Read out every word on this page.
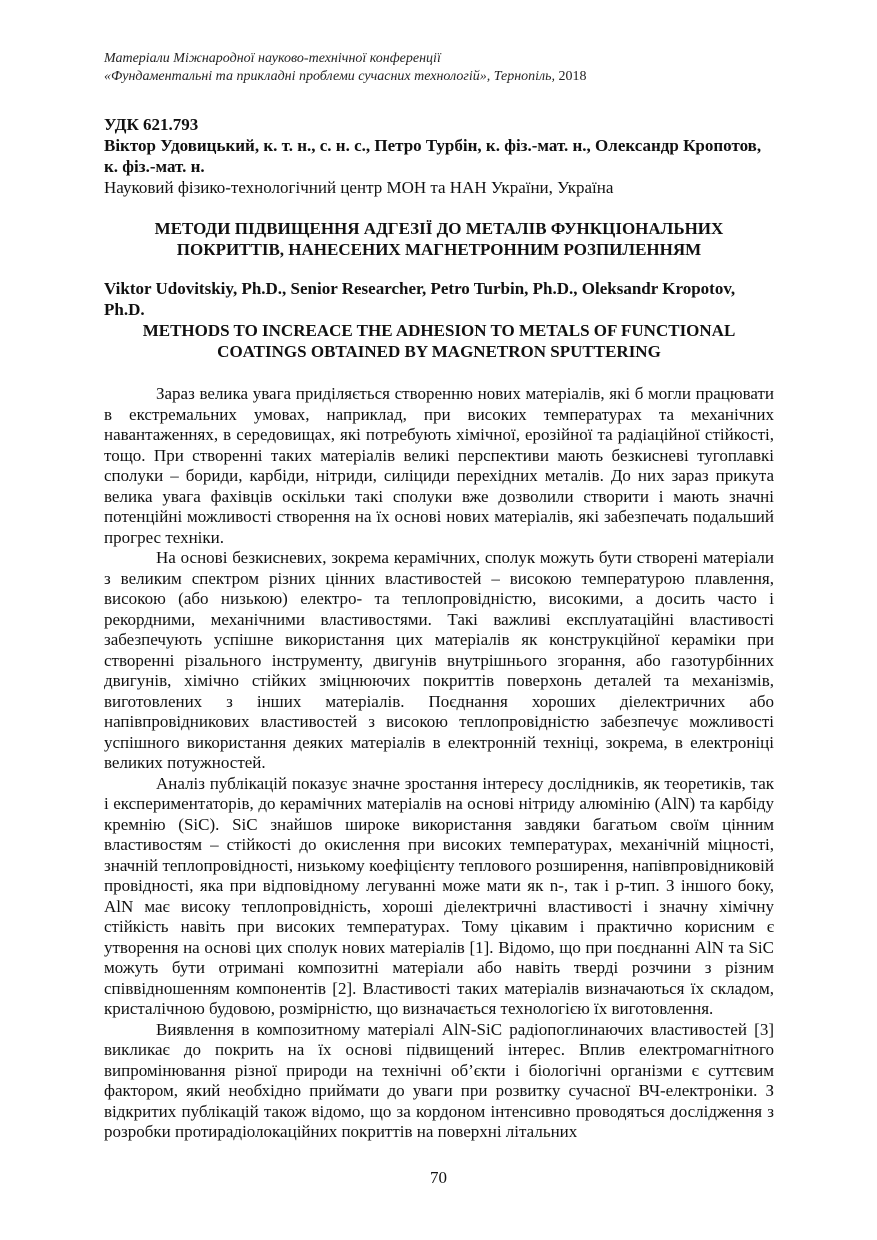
Матеріали Міжнародної науково-технічної конференції
«Фундаментальні та прикладні проблеми сучасних технологій», Тернопіль, 2018
УДК 621.793
Віктор Удовицький, к. т. н., с. н. с., Петро Турбін, к. фіз.-мат. н., Олександр Кропотов, к. фіз.-мат. н.
Науковий фізико-технологічний центр МОН та НАН України, Україна
МЕТОДИ ПІДВИЩЕННЯ АДГЕЗІЇ ДО МЕТАЛІВ ФУНКЦІОНАЛЬНИХ ПОКРИТТІВ, НАНЕСЕНИХ МАГНЕТРОННИМ РОЗПИЛЕННЯМ
Viktor Udovitskiy, Ph.D., Senior Researcher, Petro Turbin, Ph.D., Oleksandr Kropotov, Ph.D.
METHODS TO INCREACE THE ADHESION TO METALS OF FUNCTIONAL COATINGS OBTAINED BY MAGNETRON SPUTTERING

Зараз велика увага приділяється створенню нових матеріалів, які б могли працювати в екстремальних умовах, наприклад, при високих температурах та механічних навантаженнях, в середовищах, які потребують хімічної, ерозійної та радіаційної стійкості, тощо. При створенні таких матеріалів великі перспективи мають безкисневі тугоплавкі сполуки – бориди, карбіди, нітриди, силіциди перехідних металів. До них зараз прикута велика увага фахівців оскільки такі сполуки вже дозволили створити і мають значні потенційні можливості створення на їх основі нових матеріалів, які забезпечать подальший прогрес техніки.

На основі безкисневих, зокрема керамічних, сполук можуть бути створені матеріали з великим спектром різних цінних властивостей – високою температурою плавлення, високою (або низькою) електро- та теплопровідністю, високими, а досить часто і рекордними, механічними властивостями. Такі важливі експлуатаційні властивості забезпечують успішне використання цих матеріалів як конструкційної кераміки при створенні різального інструменту, двигунів внутрішнього згорання, або газотурбінних двигунів, хімічно стійких зміцнюючих покриттів поверхонь деталей та механізмів, виготовлених з інших матеріалів. Поєднання хороших діелектричних або напівпровідникових властивостей з високою теплопровідністю забезпечує можливості успішного використання деяких матеріалів в електронній техніці, зокрема, в електроніці великих потужностей.

Аналіз публікацій показує значне зростання інтересу дослідників, як теоретиків, так і експериментаторів, до керамічних матеріалів на основі нітриду алюмінію (AlN) та карбіду кремнію (SiC). SiC знайшов широке використання завдяки багатьом своїм цінним властивостям – стійкості до окислення при високих температурах, механічній міцності, значній теплопровідності, низькому коефіцієнту теплового розширення, напівпровідниковій провідності, яка при відповідному легуванні може мати як n-, так і p-тип. З іншого боку, AlN має високу теплопровідність, хороші діелектричні властивості і значну хімічну стійкість навіть при високих температурах. Тому цікавим і практично корисним є утворення на основі цих сполук нових матеріалів [1]. Відомо, що при поєднанні AlN та SiC можуть бути отримані композитні матеріали або навіть тверді розчини з різним співвідношенням компонентів [2]. Властивості таких матеріалів визначаються їх складом, кристалічною будовою, розмірністю, що визначається технологією їх виготовлення.

Виявлення в композитному матеріалі AlN-SiC радіопоглинаючих властивостей [3] викликає до покрить на їх основі підвищений інтерес. Вплив електромагнітного випромінювання різної природи на технічні об’єкти і біологічні організми є суттєвим фактором, який необхідно приймати до уваги при розвитку сучасної ВЧ-електроніки. З відкритих публікацій також відомо, що за кордоном інтенсивно проводяться дослідження з розробки протирадіолокаційних покриттів на поверхні літальних

70
